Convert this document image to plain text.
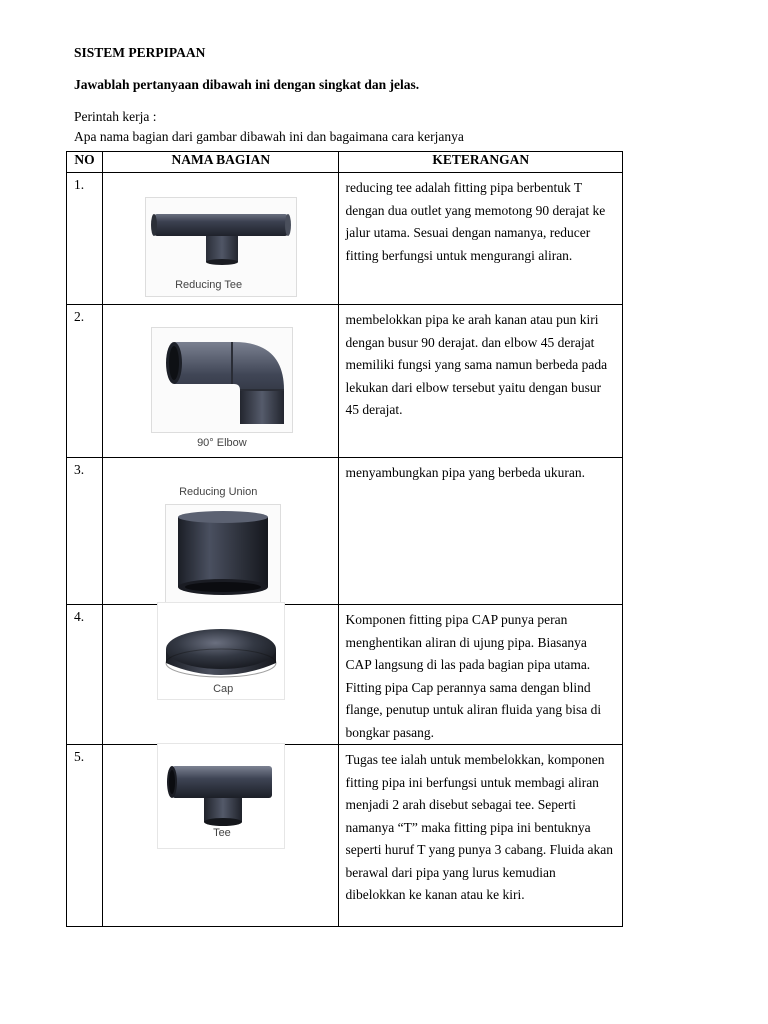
SISTEM PERPIPAAN
Jawablah pertanyaan dibawah ini dengan singkat dan jelas.
Perintah kerja :
Apa nama bagian dari gambar dibawah ini dan bagaimana cara kerjanya
NO	NAMA BAGIAN	KETERANGAN
1.	Reducing Tee	reducing tee adalah fitting pipa berbentuk T dengan dua outlet yang memotong 90 derajat ke jalur utama. Sesuai dengan namanya, reducer fitting berfungsi untuk mengurangi aliran.
2.	90° Elbow	membelokkan pipa ke arah kanan atau pun kiri dengan busur 90 derajat. dan elbow 45 derajat memiliki fungsi yang sama namun berbeda pada lekukan dari elbow tersebut yaitu dengan busur 45 derajat.
3.	Reducing Union	menyambungkan pipa yang berbeda ukuran.
4.	Cap	Komponen fitting pipa CAP punya peran menghentikan aliran di ujung pipa. Biasanya CAP langsung di las pada bagian pipa utama. Fitting pipa Cap perannya sama dengan blind flange, penutup untuk aliran fluida yang bisa di bongkar pasang.
5.	Tee	Tugas tee ialah untuk membelokkan, komponen fitting pipa ini berfungsi untuk membagi aliran menjadi 2 arah disebut sebagai tee. Seperti namanya “T” maka fitting pipa ini bentuknya seperti huruf T yang punya 3 cabang. Fluida akan berawal dari pipa yang lurus kemudian dibelokkan ke kanan atau ke kiri.
